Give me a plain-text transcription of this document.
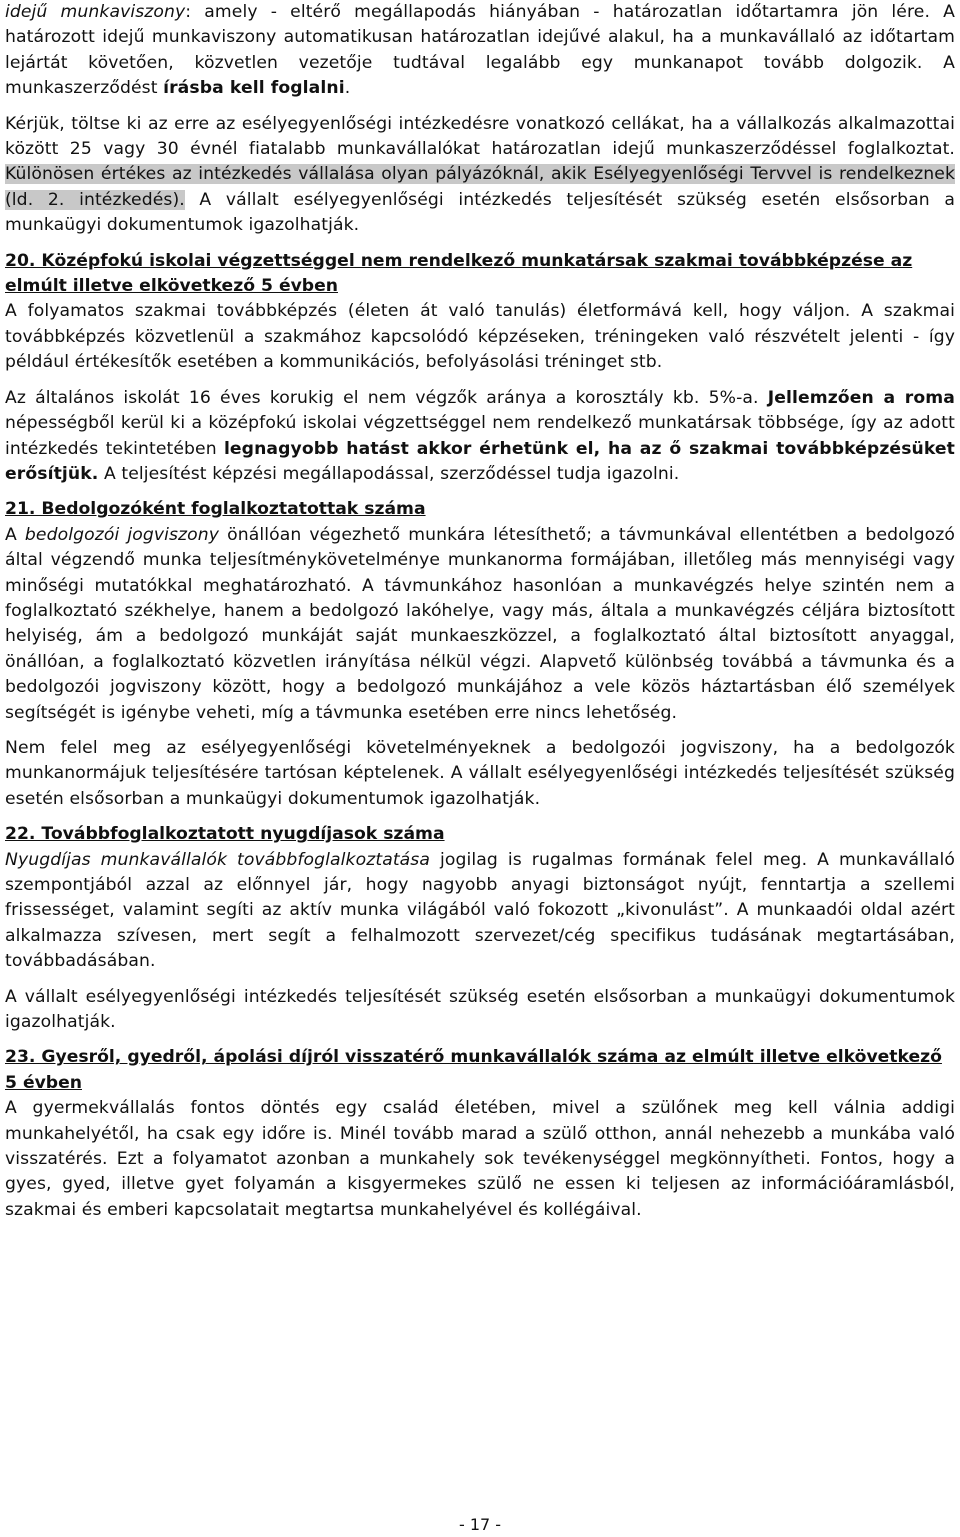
idejű munkaviszony: amely - eltérő megállapodás hiányában - határozatlan időtartamra jön lére. A határozott idejű munkaviszony automatikusan határozatlan idejűvé alakul, ha a munkavállaló az időtartam lejártát követően, közvetlen vezetője tudtával legalább egy munkanapot tovább dolgozik. A munkaszerződést írásba kell foglalni.

Kérjük, töltse ki az erre az esélyegyenlőségi intézkedésre vonatkozó cellákat, ha a vállalkozás alkalmazottai között 25 vagy 30 évnél fiatalabb munkavállalókat határozatlan idejű munkaszerződéssel foglalkoztat. Különösen értékes az intézkedés vállalása olyan pályázóknál, akik Esélyegyenlőségi Tervvel is rendelkeznek (ld. 2. intézkedés). A vállalt esélyegyenlőségi intézkedés teljesítését szükség esetén elsősorban a munkaügyi dokumentumok igazolhatják.

20. Középfokú iskolai végzettséggel nem rendelkező munkatársak szakmai továbbképzése az elmúlt illetve elkövetkező 5 évben

A folyamatos szakmai továbbképzés (életen át való tanulás) életformává kell, hogy váljon. A szakmai továbbképzés közvetlenül a szakmához kapcsolódó képzéseken, tréningeken való részvételt jelenti - így például értékesítők esetében a kommunikációs, befolyásolási tréninget stb.

Az általános iskolát 16 éves korukig el nem végzők aránya a korosztály kb. 5%-a. Jellemzően a roma népességből kerül ki a középfokú iskolai végzettséggel nem rendelkező munkatársak többsége, így az adott intézkedés tekintetében legnagyobb hatást akkor érhetünk el, ha az ő szakmai továbbképzésüket erősítjük. A teljesítést képzési megállapodással, szerződéssel tudja igazolni.

21. Bedolgozóként foglalkoztatottak száma

A bedolgozói jogviszony önállóan végezhető munkára létesíthető; a távmunkával ellentétben a bedolgozó által végzendő munka teljesítménykövetelménye munkanorma formájában, illetőleg más mennyiségi vagy minőségi mutatókkal meghatározható. A távmunkához hasonlóan a munkavégzés helye szintén nem a foglalkoztató székhelye, hanem a bedolgozó lakóhelye, vagy más, általa a munkavégzés céljára biztosított helyiség, ám a bedolgozó munkáját saját munkaeszközzel, a foglalkoztató által biztosított anyaggal, önállóan, a foglalkoztató közvetlen irányítása nélkül végzi. Alapvető különbség továbbá a távmunka és a bedolgozói jogviszony között, hogy a bedolgozó munkájához a vele közös háztartásban élő személyek segítségét is igénybe veheti, míg a távmunka esetében erre nincs lehetőség.

Nem felel meg az esélyegyenlőségi követelményeknek a bedolgozói jogviszony, ha a bedolgozók munkanormájuk teljesítésére tartósan képtelenek. A vállalt esélyegyenlőségi intézkedés teljesítését szükség esetén elsősorban a munkaügyi dokumentumok igazolhatják.

22. Továbbfoglalkoztatott nyugdíjasok száma

Nyugdíjas munkavállalók továbbfoglalkoztatása jogilag is rugalmas formának felel meg. A munkavállaló szempontjából azzal az előnnyel jár, hogy nagyobb anyagi biztonságot nyújt, fenntartja a szellemi frissességet, valamint segíti az aktív munka világából való fokozott „kivonulást”. A munkaadói oldal azért alkalmazza szívesen, mert segít a felhalmozott szervezet/cég specifikus tudásának megtartásában, továbbadásában.

A vállalt esélyegyenlőségi intézkedés teljesítését szükség esetén elsősorban a munkaügyi dokumentumok igazolhatják.

23. Gyesről, gyedről, ápolási díjról visszatérő munkavállalók száma az elmúlt illetve elkövetkező 5 évben

A gyermekvállalás fontos döntés egy család életében, mivel a szülőnek meg kell válnia addigi munkahelyétől, ha csak egy időre is. Minél tovább marad a szülő otthon, annál nehezebb a munkába való visszatérés. Ezt a folyamatot azonban a munkahely sok tevékenységgel megkönnyítheti. Fontos, hogy a gyes, gyed, illetve gyet folyamán a kisgyermekes szülő ne essen ki teljesen az információáramlásból, szakmai és emberi kapcsolatait megtartsa munkahelyével és kollégáival.

- 17 -
